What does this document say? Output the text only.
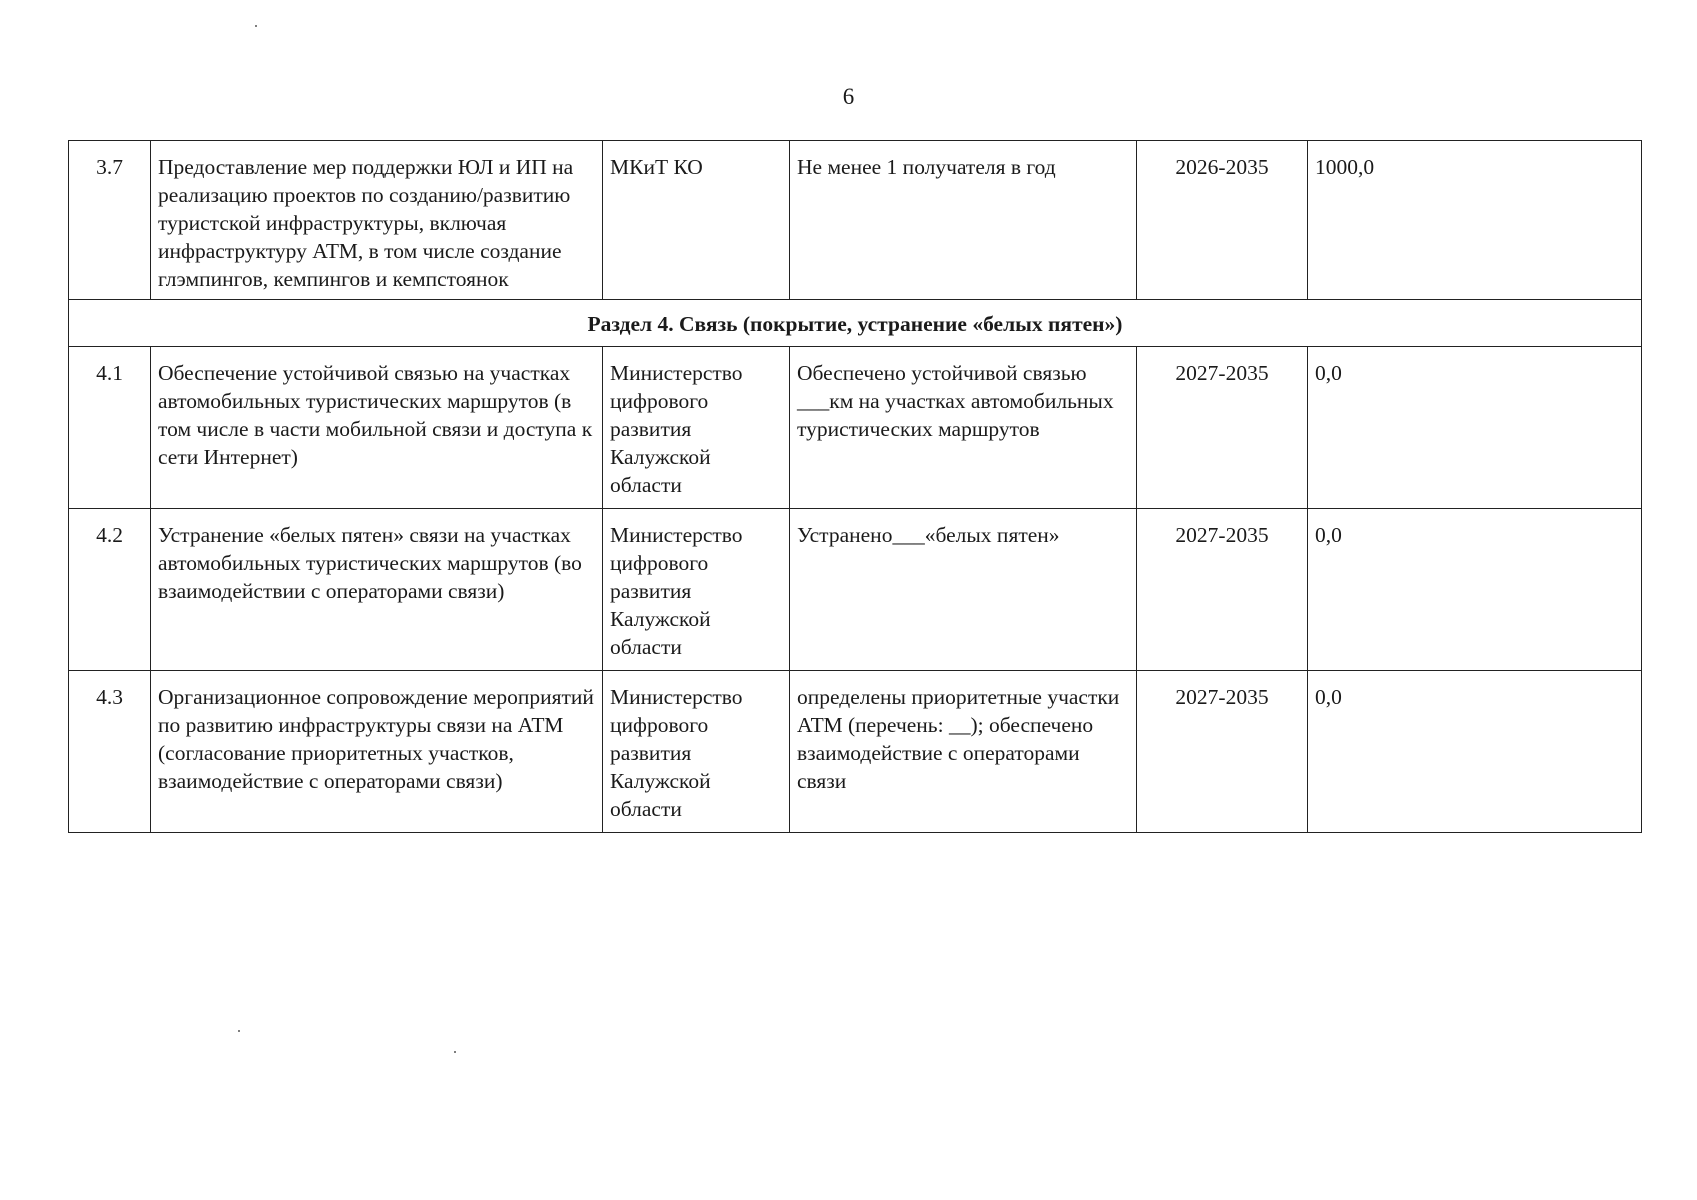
6
3.7	Предоставление мер поддержки ЮЛ и ИП на реализацию проектов по созданию/развитию туристской инфраструктуры, включая инфраструктуру АТМ, в том числе создание глэмпингов, кемпингов и кемпстоянок	МКиТ КО	Не менее 1 получателя в год	2026-2035	1000,0
Раздел 4. Связь (покрытие, устранение «белых пятен»)					
4.1	Обеспечение устойчивой связью на участках автомобильных туристических маршрутов (в том числе в части мобильной связи и доступа к сети Интернет)	Министерство цифрового развития Калужской области	Обеспечено устойчивой связью ___км на участках автомобильных туристических маршрутов	2027-2035	0,0
4.2	Устранение «белых пятен» связи на участках автомобильных туристических маршрутов (во взаимодействии с операторами связи)	Министерство цифрового развития Калужской области	Устранено___«белых пятен»	2027-2035	0,0
4.3	Организационное сопровождение мероприятий по развитию инфраструктуры связи на АТМ (согласование приоритетных участков, взаимодействие с операторами связи)	Министерство цифрового развития Калужской области	определены приоритетные участки АТМ (перечень: __); обеспечено взаимодействие с операторами связи	2027-2035	0,0
